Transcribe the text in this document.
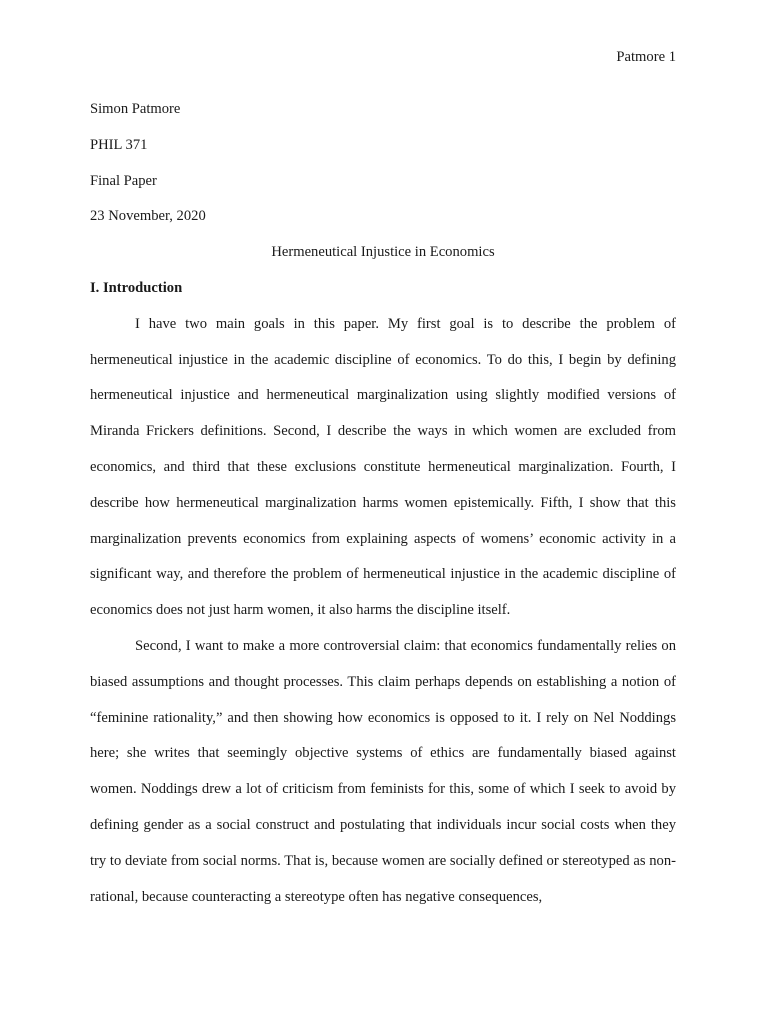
Patmore 1
Simon Patmore
PHIL 371
Final Paper
23 November, 2020
Hermeneutical Injustice in Economics
I. Introduction

I have two main goals in this paper. My first goal is to describe the problem of hermeneutical injustice in the academic discipline of economics. To do this, I begin by defining hermeneutical injustice and hermeneutical marginalization using slightly modified versions of Miranda Frickers definitions. Second, I describe the ways in which women are excluded from economics, and third that these exclusions constitute hermeneutical marginalization. Fourth, I describe how hermeneutical marginalization harms women epistemically. Fifth, I show that this marginalization prevents economics from explaining aspects of womens’ economic activity in a significant way, and therefore the problem of hermeneutical injustice in the academic discipline of economics does not just harm women, it also harms the discipline itself.

Second, I want to make a more controversial claim: that economics fundamentally relies on biased assumptions and thought processes. This claim perhaps depends on establishing a notion of “feminine rationality,” and then showing how economics is opposed to it. I rely on Nel Noddings here; she writes that seemingly objective systems of ethics are fundamentally biased against women. Noddings drew a lot of criticism from feminists for this, some of which I seek to avoid by defining gender as a social construct and postulating that individuals incur social costs when they try to deviate from social norms. That is, because women are socially defined or stereotyped as non-rational, because counteracting a stereotype often has negative consequences,
